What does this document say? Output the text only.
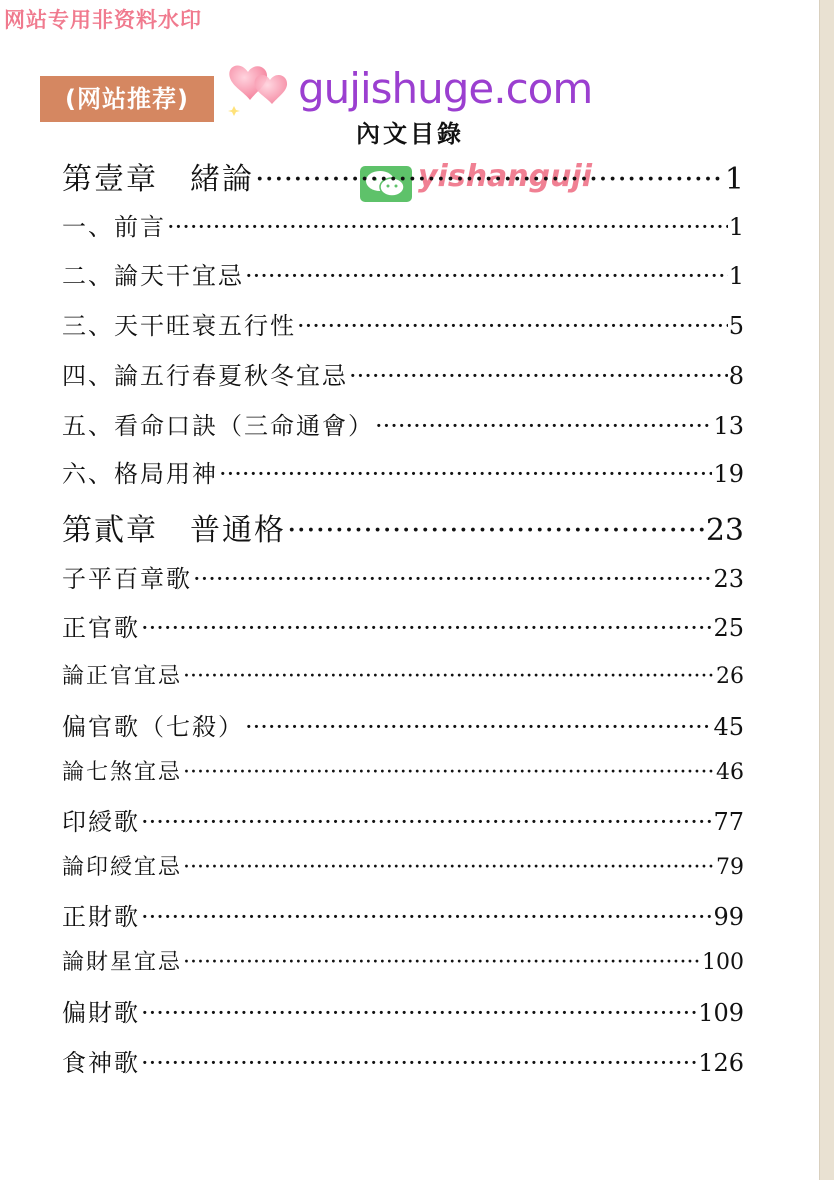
网站专用非资料水印
(网站推荐)	gujishuge.com
yishanguji
內文目錄
第壹章　緒論 ·····	1
一、前言 ·····	1
二、論天干宜忌 ·····	1
三、天干旺衰五行性 ·····	5
四、論五行春夏秋冬宜忌 ·····	8
五、看命口訣（三命通會） ·····	13
六、格局用神 ·····	19
第貳章　普通格 ·····	23
子平百章歌 ·····	23
正官歌 ·····	25
論正官宜忌 ·····	26
偏官歌（七殺） ·····	45
論七煞宜忌 ·····	46
印綬歌 ·····	77
論印綬宜忌 ·····	79
正財歌 ·····	99
論財星宜忌 ·····	100
偏財歌 ·····	109
食神歌 ·····	126
